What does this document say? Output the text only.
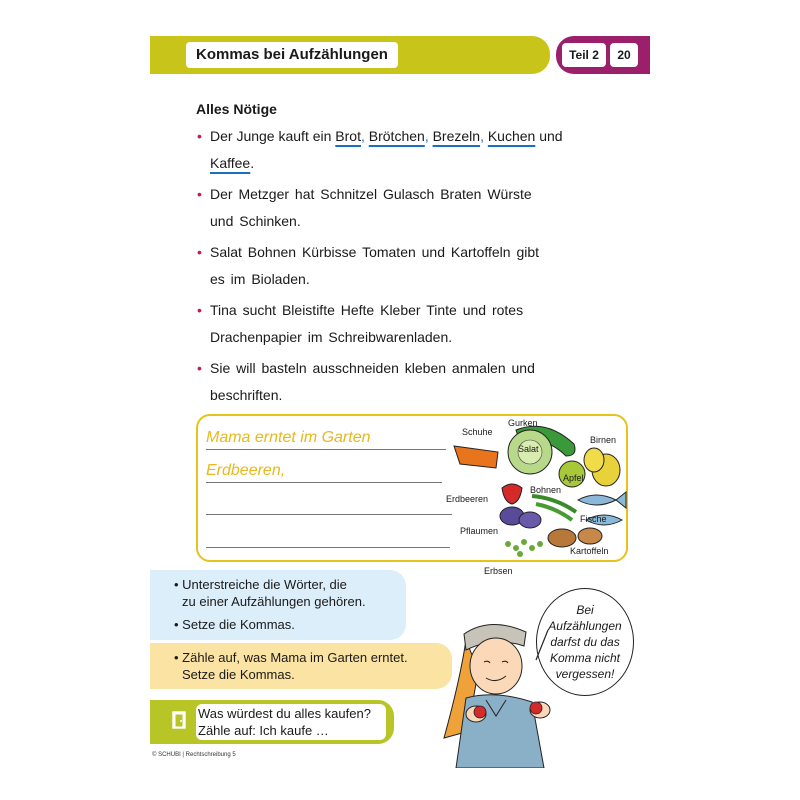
Kommas bei Aufzählungen	Teil 2	20
Alles Nötige
• Der Junge kauft ein Brot, Brötchen, Brezeln, Kuchen und
Kaffee.
• Der Metzger hat Schnitzel Gulasch Braten Würste
und Schinken.
• Salat Bohnen Kürbisse Tomaten und Kartoffeln gibt
es im Bioladen.
• Tina sucht Bleistifte Hefte Kleber Tinte und rotes
Drachenpapier im Schreibwarenladen.
• Sie will basteln ausschneiden kleben anmalen und
beschriften.
Mama erntet im Garten
Erdbeeren,
Gurken
Schuhe
Salat
Birnen
Apfel
Bohnen
Erdbeeren
Fische
Pflaumen
Kartoffeln
Erbsen
• Unterstreiche die Wörter, die
zu einer Aufzählungen gehören.
• Setze die Kommas.
• Zähle auf, was Mama im Garten erntet.
Setze die Kommas.
Was würdest du alles kaufen?
Zähle auf: Ich kaufe …
Bei
Aufzählungen
darfst du das
Komma nicht
vergessen!
© SCHUBI | Rechtschreibung 5
